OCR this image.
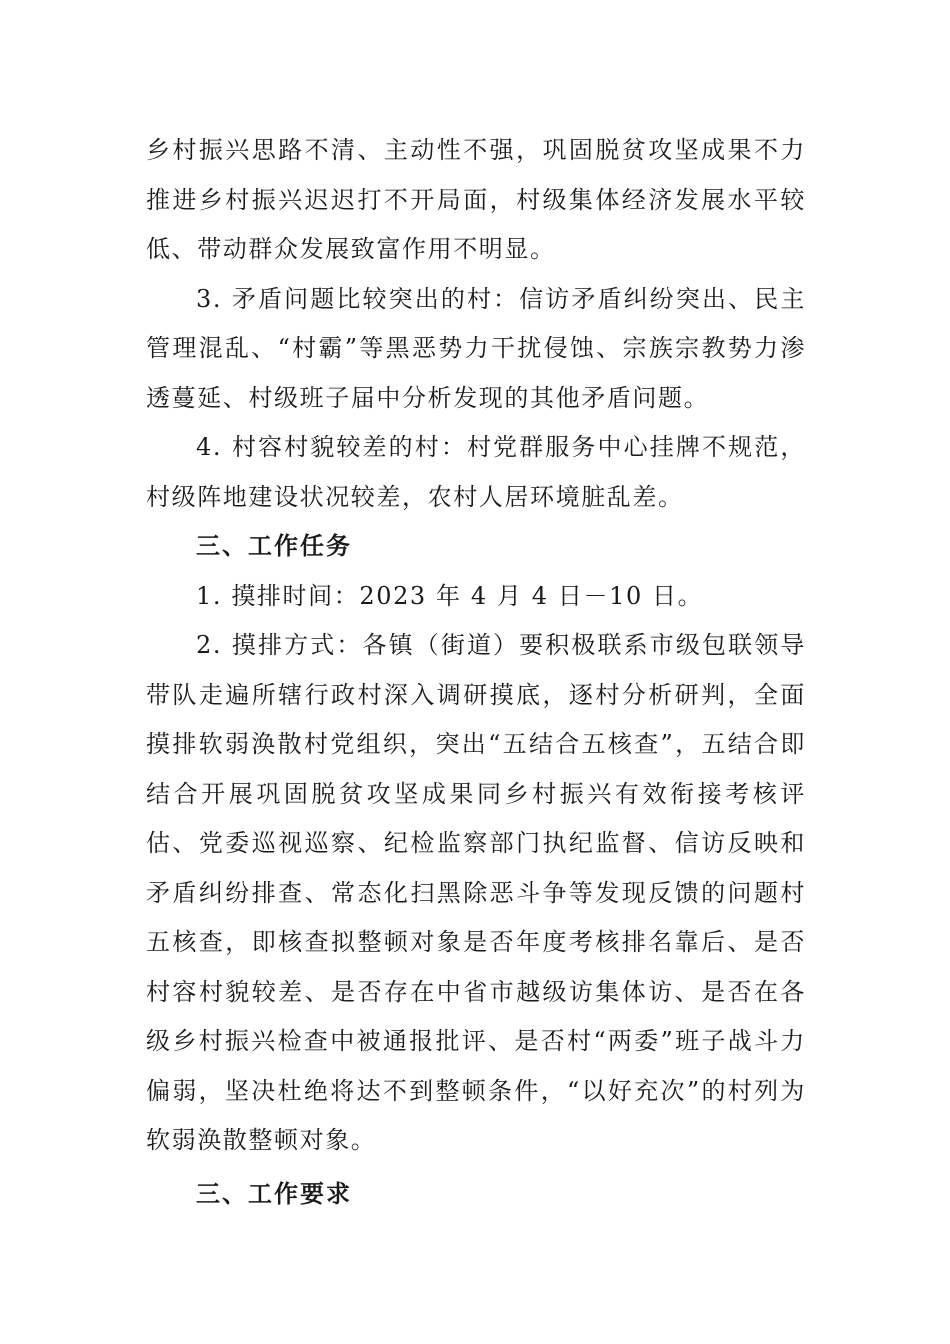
乡村振兴思路不清、主动性不强，巩固脱贫攻坚成果不力推进乡村振兴迟迟打不开局面，村级集体经济发展水平较低、带动群众发展致富作用不明显。

3. 矛盾问题比较突出的村：信访矛盾纠纷突出、民主管理混乱、“村霸”等黑恶势力干扰侵蚀、宗族宗教势力渗透蔓延、村级班子届中分析发现的其他矛盾问题。

4. 村容村貌较差的村：村党群服务中心挂牌不规范，村级阵地建设状况较差，农村人居环境脏乱差。

三、工作任务

1. 摸排时间：2023 年 4 月 4 日－10 日。

2. 摸排方式：各镇（街道）要积极联系市级包联领导带队走遍所辖行政村深入调研摸底，逐村分析研判，全面摸排软弱涣散村党组织，突出“五结合五核查”，五结合即结合开展巩固脱贫攻坚成果同乡村振兴有效衔接考核评估、党委巡视巡察、纪检监察部门执纪监督、信访反映和矛盾纠纷排查、常态化扫黑除恶斗争等发现反馈的问题村五核查，即核查拟整顿对象是否年度考核排名靠后、是否村容村貌较差、是否存在中省市越级访集体访、是否在各级乡村振兴检查中被通报批评、是否村“两委”班子战斗力偏弱，坚决杜绝将达不到整顿条件，“以好充次”的村列为软弱涣散整顿对象。

三、工作要求
